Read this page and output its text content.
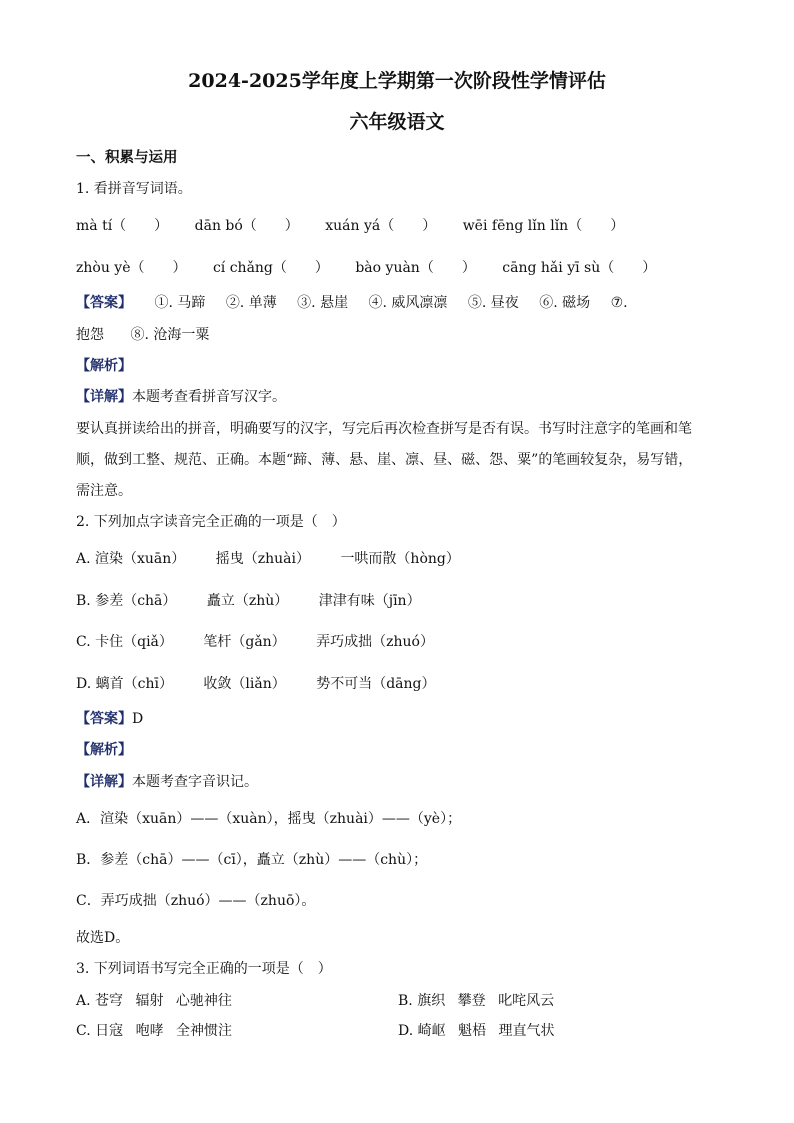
2024-2025学年度上学期第一次阶段性学情评估
六年级语文
一、积累与运用
1. 看拼音写词语。
mà tí（　　） dān bó（　　） xuán yá（　　） wēi fēng lǐn lǐn（　　）
zhòu yè（　　） cí chǎng（　　） bào yuàn（　　） cāng hǎi yī sù（　　）
【答案】 ①. 马蹄 ②. 单薄 ③. 悬崖 ④. 威风凛凛 ⑤. 昼夜 ⑥. 磁场 ⑦.
抱怨 ⑧. 沧海一粟
【解析】
【详解】本题考查看拼音写汉字。
要认真拼读给出的拼音，明确要写的汉字，写完后再次检查拼写是否有误。书写时注意字的笔画和笔
顺，做到工整、规范、正确。本题“蹄、薄、悬、崖、凛、昼、磁、怨、粟”的笔画较复杂，易写错，
需注意。
2. 下列加点字读音完全正确的一项是（　）
A. 渲染（xuān） 摇曳（zhuài） 一哄而散（hòng）
B. 参差（chā） 矗立（zhù） 津津有味（jīn）
C. 卡住（qiǎ） 笔杆（gǎn） 弄巧成拙（zhuó）
D. 螭首（chī） 收敛（liǎn） 势不可当（dāng）
【答案】D
【解析】
【详解】本题考查字音识记。
A．渲染（xuān）——（xuàn），摇曳（zhuài）——（yè）；
B．参差（chā）——（cī），矗立（zhù）——（chù）；
C．弄巧成拙（zhuó）——（zhuō）。
故选D。
3. 下列词语书写完全正确的一项是（　）
A. 苍穹 辐射 心驰神往	B. 旗织 攀登 叱咤风云
C. 日寇 咆哮 全神惯注	D. 崎岖 魁梧 理直气状
